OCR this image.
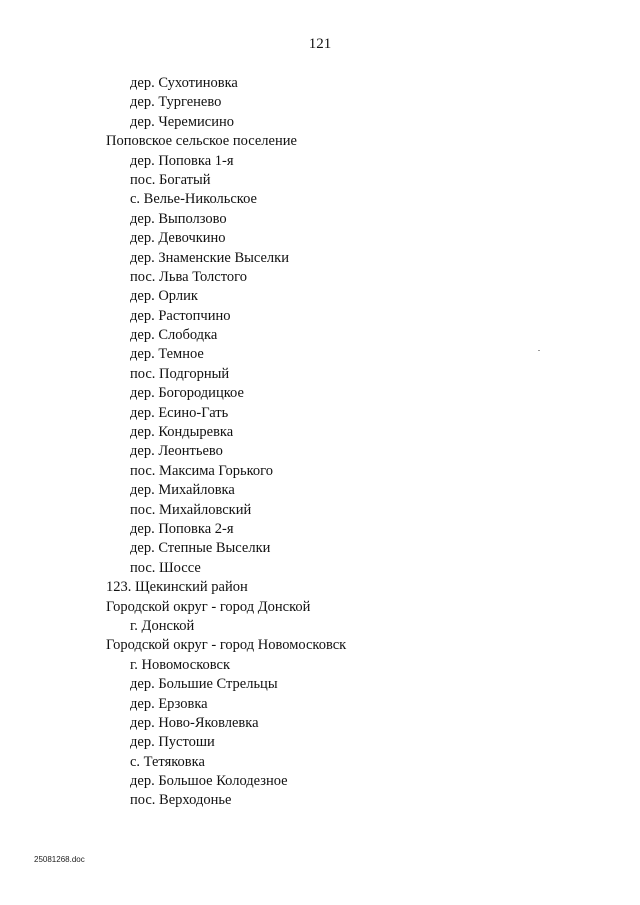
121
дер. Сухотиновка
дер. Тургенево
дер. Черемисино
Поповское сельское поселение
дер. Поповка 1-я
пос. Богатый
с. Велье-Никольское
дер. Выползово
дер. Девочкино
дер. Знаменские Выселки
пос. Льва Толстого
дер. Орлик
дер. Растопчино
дер. Слободка
дер. Темное
пос. Подгорный
дер. Богородицкое
дер. Есино-Гать
дер. Кондыревка
дер. Леонтьево
пос. Максима Горького
дер. Михайловка
пос. Михайловский
дер. Поповка 2-я
дер. Степные Выселки
пос. Шоссе
123. Щекинский район
Городской округ - город Донской
г. Донской
Городской округ - город Новомосковск
г. Новомосковск
дер. Большие Стрельцы
дер. Ерзовка
дер. Ново-Яковлевка
дер. Пустоши
с. Тетяковка
дер. Большое Колодезное
пос. Верходонье
25081268.doc
